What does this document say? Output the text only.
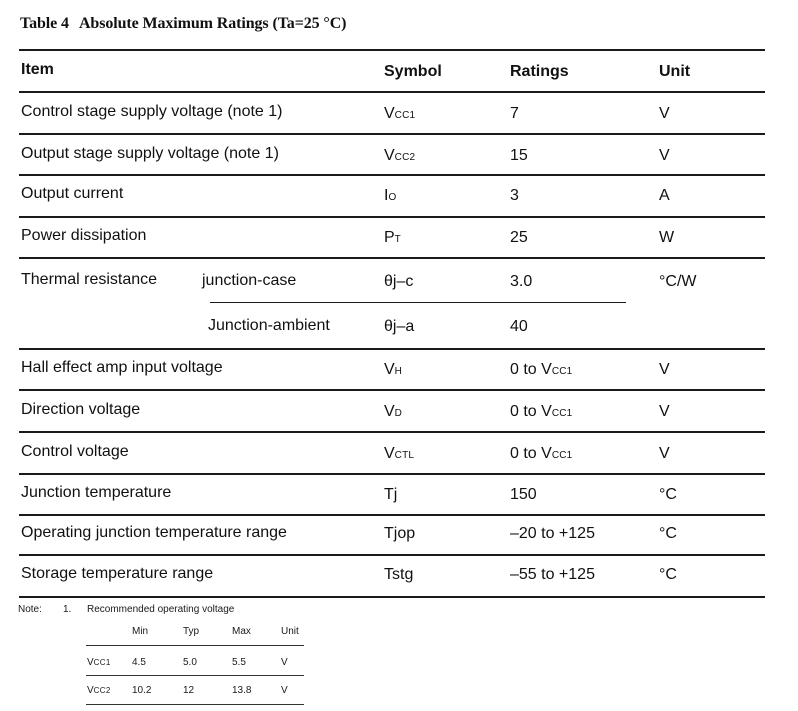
Table 4 Absolute Maximum Ratings (Ta=25 °C)
Item	Symbol	Ratings	Unit
Control stage supply voltage (note 1)	VCC1	7	V
Output stage supply voltage (note 1)	VCC2	15	V
Output current	IO	3	A
Power dissipation	PT	25	W
Thermal resistance	junction-case	θj–c	3.0	°C/W
Junction-ambient	θj–a	40
Hall effect amp input voltage	VH	0 to VCC1	V
Direction voltage	VD	0 to VCC1	V
Control voltage	VCTL	0 to VCC1	V
Junction temperature	Tj	150	°C
Operating junction temperature range	Tjop	–20 to +125	°C
Storage temperature range	Tstg	–55 to +125	°C
Note: 1. Recommended operating voltage
Min	Typ	Max	Unit
VCC1 4.5	5.0	5.5	V
VCC2 10.2	12	13.8	V
